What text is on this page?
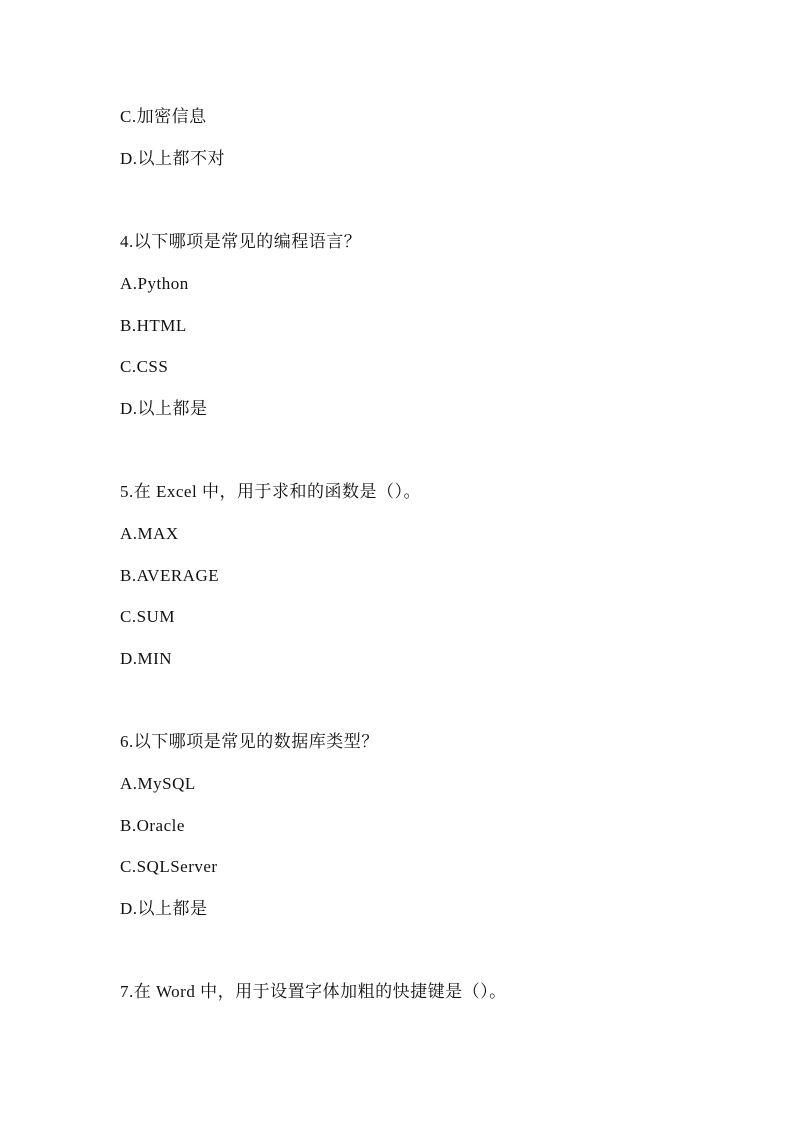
C.加密信息
D.以上都不对
4.以下哪项是常见的编程语言？
A.Python
B.HTML
C.CSS
D.以上都是
5.在 Excel 中，用于求和的函数是（）。
A.MAX
B.AVERAGE
C.SUM
D.MIN
6.以下哪项是常见的数据库类型？
A.MySQL
B.Oracle
C.SQLServer
D.以上都是
7.在 Word 中，用于设置字体加粗的快捷键是（）。
